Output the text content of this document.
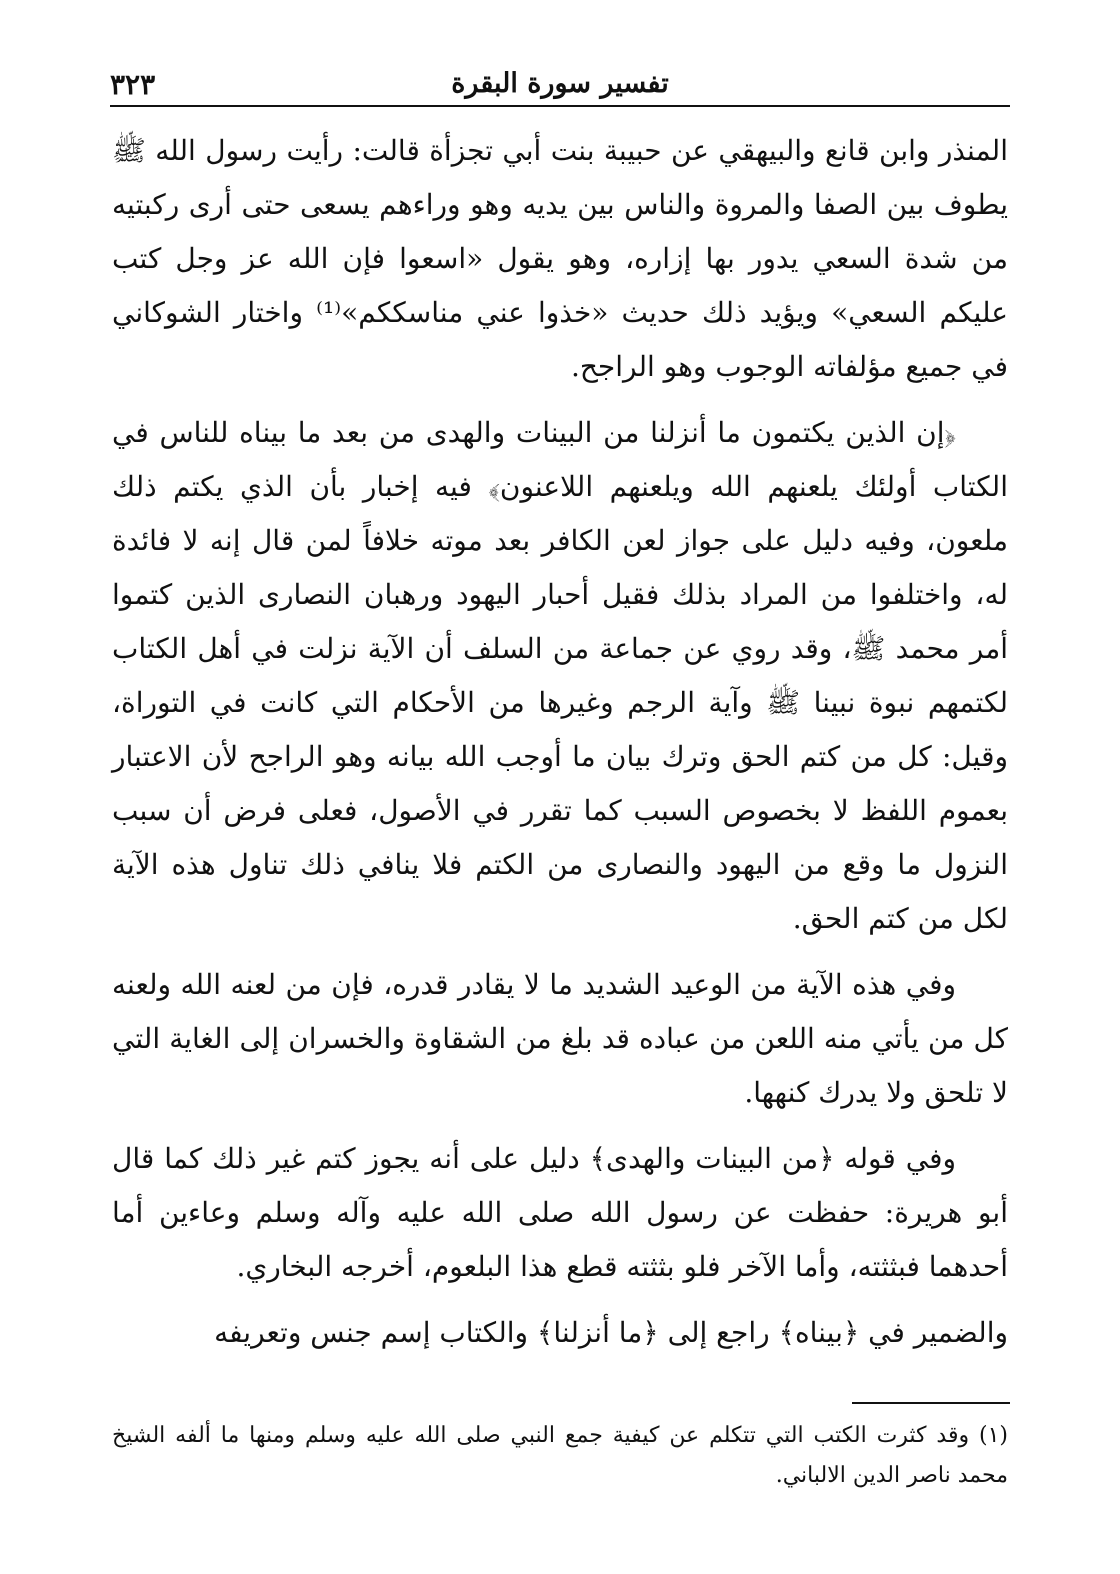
تفسير سورة البقرة
٣٢٣

المنذر وابن قانع والبيهقي عن حبيبة بنت أبي تجزأة قالت: رأيت رسول الله ﷺ يطوف بين الصفا والمروة والناس بين يديه وهو وراءهم يسعى حتى أرى ركبتيه من شدة السعي يدور بها إزاره، وهو يقول «اسعوا فإن الله عز وجل كتب عليكم السعي» ويؤيد ذلك حديث «خذوا عني مناسككم»⁽¹⁾ واختار الشوكاني في جميع مؤلفاته الوجوب وهو الراجح.

﴿إن الذين يكتمون ما أنزلنا من البينات والهدى من بعد ما بيناه للناس في الكتاب أولئك يلعنهم الله ويلعنهم اللاعنون﴾ فيه إخبار بأن الذي يكتم ذلك ملعون، وفيه دليل على جواز لعن الكافر بعد موته خلافاً لمن قال إنه لا فائدة له، واختلفوا من المراد بذلك فقيل أحبار اليهود ورهبان النصارى الذين كتموا أمر محمد ﷺ، وقد روي عن جماعة من السلف أن الآية نزلت في أهل الكتاب لكتمهم نبوة نبينا ﷺ وآية الرجم وغيرها من الأحكام التي كانت في التوراة، وقيل: كل من كتم الحق وترك بيان ما أوجب الله بيانه وهو الراجح لأن الاعتبار بعموم اللفظ لا بخصوص السبب كما تقرر في الأصول، فعلى فرض أن سبب النزول ما وقع من اليهود والنصارى من الكتم فلا ينافي ذلك تناول هذه الآية لكل من كتم الحق.

وفي هذه الآية من الوعيد الشديد ما لا يقادر قدره، فإن من لعنه الله ولعنه كل من يأتي منه اللعن من عباده قد بلغ من الشقاوة والخسران إلى الغاية التي لا تلحق ولا يدرك كنهها.

وفي قوله ﴿من البينات والهدى﴾ دليل على أنه يجوز كتم غير ذلك كما قال أبو هريرة: حفظت عن رسول الله صلى الله عليه وآله وسلم وعاءين أما أحدهما فبثثته، وأما الآخر فلو بثثته قطع هذا البلعوم، أخرجه البخاري.

والضمير في ﴿بيناه﴾ راجع إلى ﴿ما أنزلنا﴾ والكتاب إسم جنس وتعريفه

(١) وقد كثرت الكتب التي تتكلم عن كيفية جمع النبي صلى الله عليه وسلم ومنها ما ألفه الشيخ محمد ناصر الدين الالباني.
